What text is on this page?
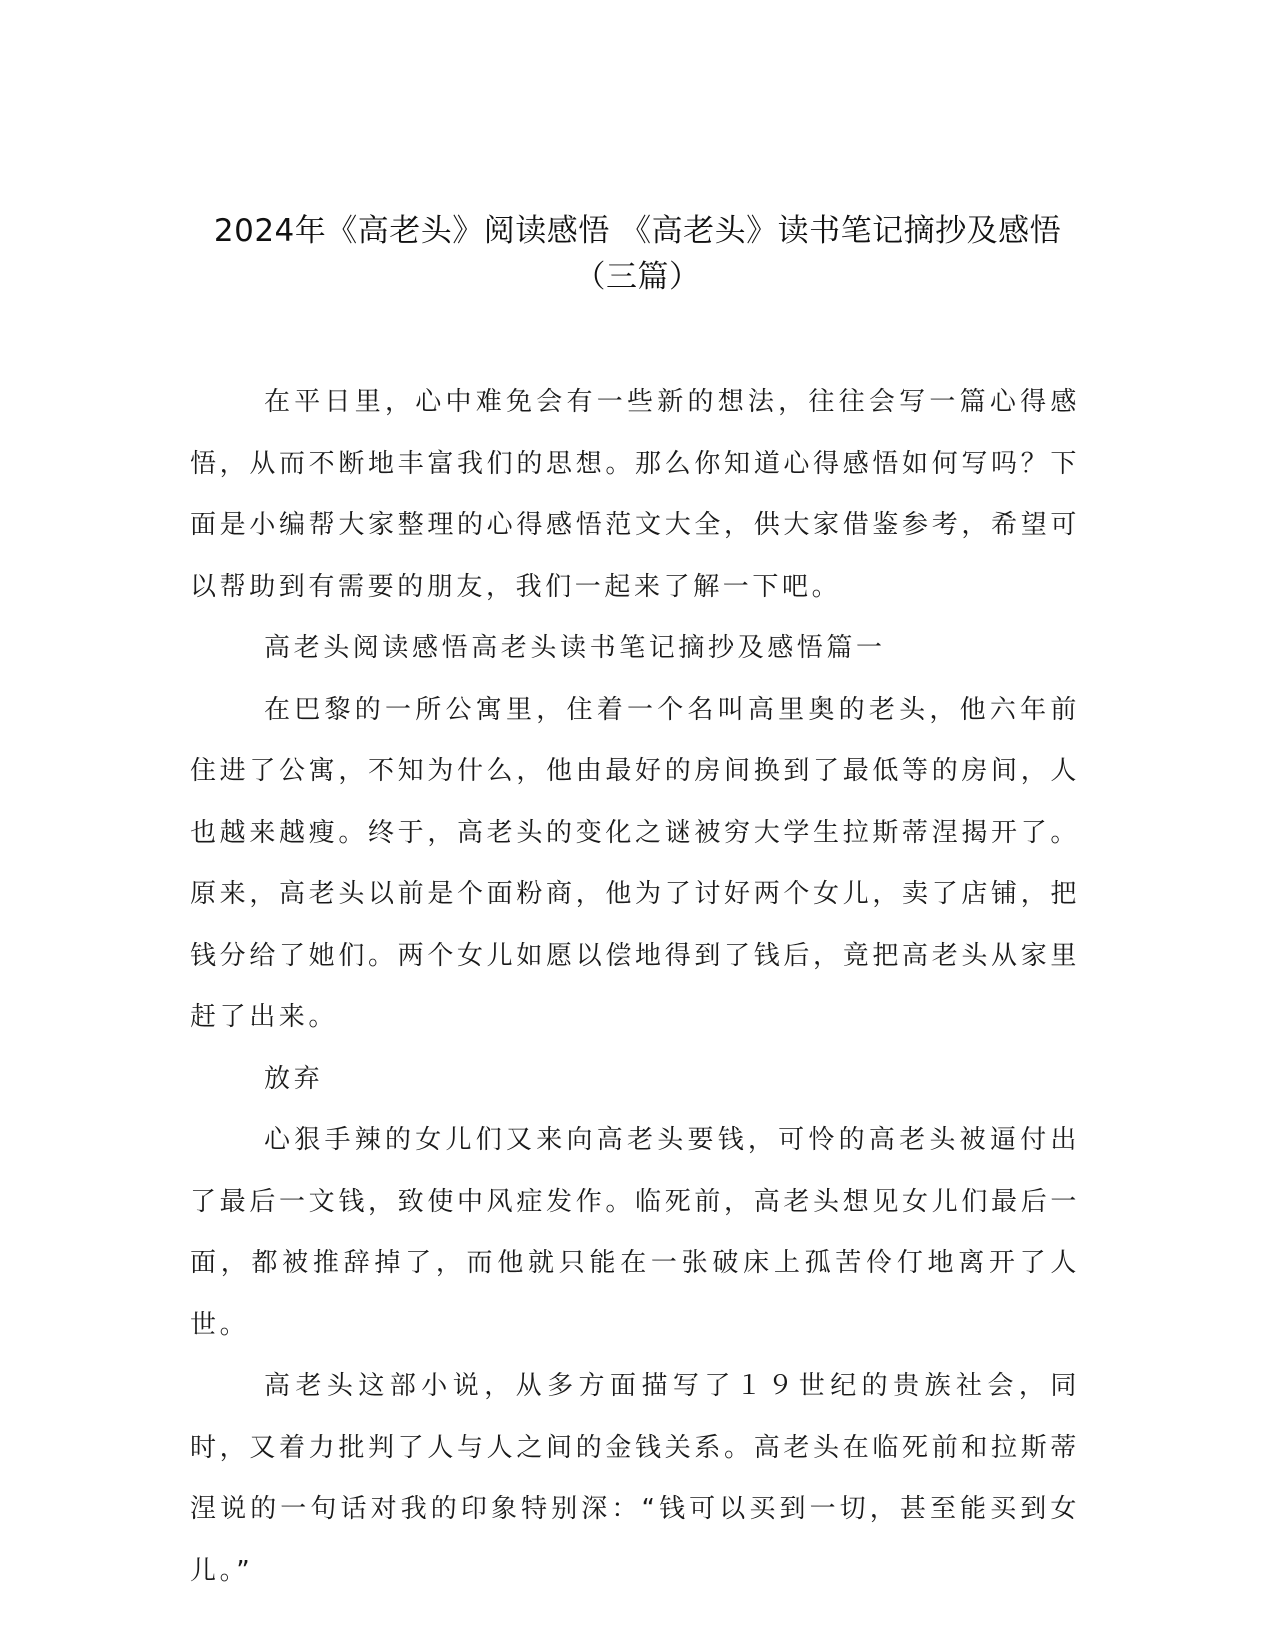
2024年《高老头》阅读感悟 《高老头》读书笔记摘抄及感悟
（三篇）

在平日里，心中难免会有一些新的想法，往往会写一篇心得感悟，从而不断地丰富我们的思想。那么你知道心得感悟如何写吗？下面是小编帮大家整理的心得感悟范文大全，供大家借鉴参考，希望可以帮助到有需要的朋友，我们一起来了解一下吧。

高老头阅读感悟高老头读书笔记摘抄及感悟篇一

在巴黎的一所公寓里，住着一个名叫高里奥的老头，他六年前住进了公寓，不知为什么，他由最好的房间换到了最低等的房间，人也越来越瘦。终于，高老头的变化之谜被穷大学生拉斯蒂涅揭开了。原来，高老头以前是个面粉商，他为了讨好两个女儿，卖了店铺，把钱分给了她们。两个女儿如愿以偿地得到了钱后，竟把高老头从家里赶了出来。

放弃

心狠手辣的女儿们又来向高老头要钱，可怜的高老头被逼付出了最后一文钱，致使中风症发作。临死前，高老头想见女儿们最后一面，都被推辞掉了，而他就只能在一张破床上孤苦伶仃地离开了人世。

高老头这部小说，从多方面描写了１９世纪的贵族社会，同时，又着力批判了人与人之间的金钱关系。高老头在临死前和拉斯蒂涅说的一句话对我的印象特别深：“钱可以买到一切，甚至能买到女儿。”
